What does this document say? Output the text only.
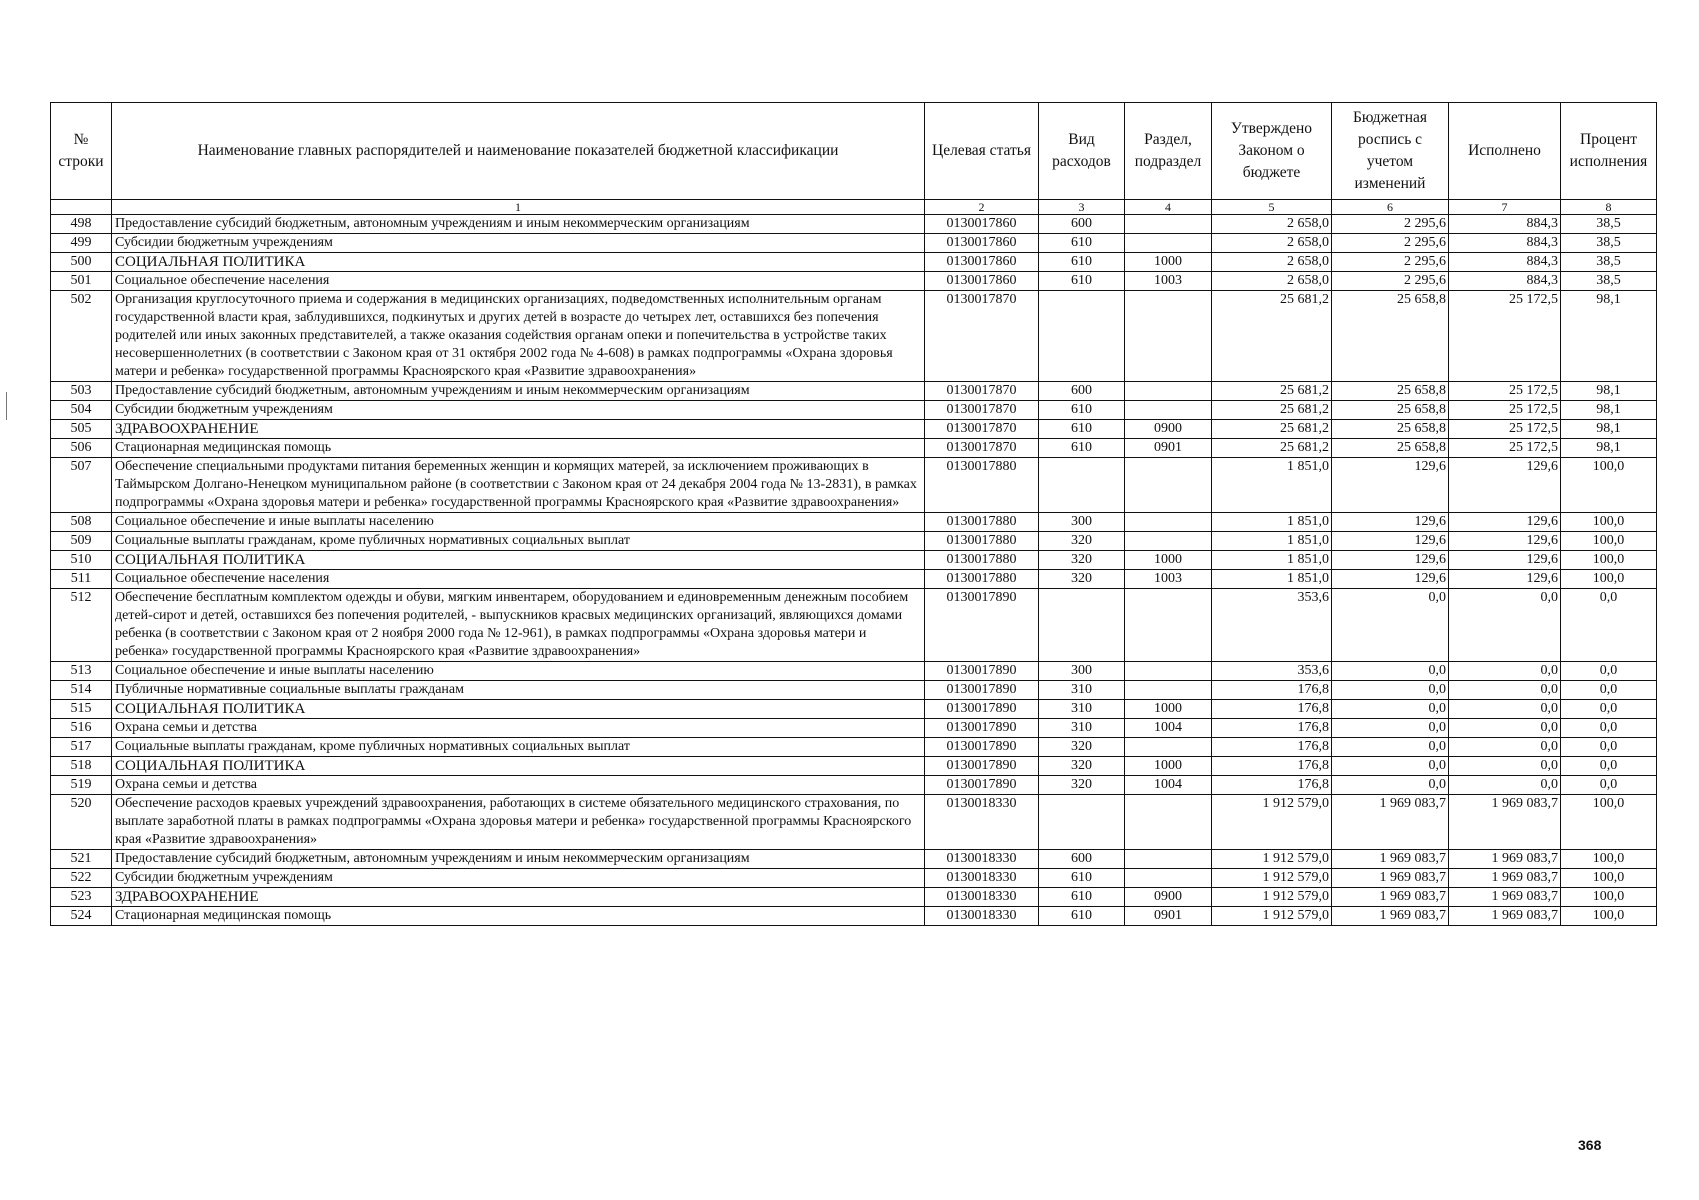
№ строки	Наименование главных распорядителей и наименование показателей бюджетной классификации	Целевая статья	Вид расходов	Раздел, подраздел	Утверждено Законом о бюджете	Бюджетная роспись с учетом изменений	Исполнено	Процент исполнения
	1	2	3	4	5	6	7	8
498	Предоставление субсидий бюджетным, автономным учреждениям и иным некоммерческим организациям	0130017860	600		2 658,0	2 295,6	884,3	38,5
499	Субсидии бюджетным учреждениям	0130017860	610		2 658,0	2 295,6	884,3	38,5
500	СОЦИАЛЬНАЯ ПОЛИТИКА	0130017860	610	1000	2 658,0	2 295,6	884,3	38,5
501	Социальное обеспечение населения	0130017860	610	1003	2 658,0	2 295,6	884,3	38,5
502	Организация круглосуточного приема и содержания в медицинских организациях, подведомственных исполнительным органам государственной власти края, заблудившихся, подкинутых и других детей в возрасте до четырех лет, оставшихся без попечения родителей или иных законных представителей, а также оказания содействия органам опеки и попечительства в устройстве таких несовершеннолетних (в соответствии с Законом края от 31 октября 2002 года № 4-608) в рамках подпрограммы «Охрана здоровья матери и ребенка» государственной программы Красноярского края «Развитие здравоохранения»	0130017870			25 681,2	25 658,8	25 172,5	98,1
503	Предоставление субсидий бюджетным, автономным учреждениям и иным некоммерческим организациям	0130017870	600		25 681,2	25 658,8	25 172,5	98,1
504	Субсидии бюджетным учреждениям	0130017870	610		25 681,2	25 658,8	25 172,5	98,1
505	ЗДРАВООХРАНЕНИЕ	0130017870	610	0900	25 681,2	25 658,8	25 172,5	98,1
506	Стационарная медицинская помощь	0130017870	610	0901	25 681,2	25 658,8	25 172,5	98,1
507	Обеспечение специальными продуктами питания беременных женщин и кормящих матерей, за исключением проживающих в Таймырском Долгано-Ненецком муниципальном районе (в соответствии с Законом края от 24 декабря 2004 года № 13-2831), в рамках подпрограммы «Охрана здоровья матери и ребенка» государственной программы Красноярского края «Развитие здравоохранения»	0130017880			1 851,0	129,6	129,6	100,0
508	Социальное обеспечение и иные выплаты населению	0130017880	300		1 851,0	129,6	129,6	100,0
509	Социальные выплаты гражданам, кроме публичных нормативных социальных выплат	0130017880	320		1 851,0	129,6	129,6	100,0
510	СОЦИАЛЬНАЯ ПОЛИТИКА	0130017880	320	1000	1 851,0	129,6	129,6	100,0
511	Социальное обеспечение населения	0130017880	320	1003	1 851,0	129,6	129,6	100,0
512	Обеспечение бесплатным комплектом одежды и обуви, мягким инвентарем, оборудованием и единовременным денежным пособием детей-сирот и детей, оставшихся без попечения родителей, - выпускников красвых медицинских организаций, являющихся домами ребенка (в соответствии с Законом края от 2 ноября 2000 года № 12-961), в рамках подпрограммы «Охрана здоровья матери и ребенка» государственной программы Красноярского края «Развитие здравоохранения»	0130017890			353,6	0,0	0,0	0,0
513	Социальное обеспечение и иные выплаты населению	0130017890	300		353,6	0,0	0,0	0,0
514	Публичные нормативные социальные выплаты гражданам	0130017890	310		176,8	0,0	0,0	0,0
515	СОЦИАЛЬНАЯ ПОЛИТИКА	0130017890	310	1000	176,8	0,0	0,0	0,0
516	Охрана семьи и детства	0130017890	310	1004	176,8	0,0	0,0	0,0
517	Социальные выплаты гражданам, кроме публичных нормативных социальных выплат	0130017890	320		176,8	0,0	0,0	0,0
518	СОЦИАЛЬНАЯ ПОЛИТИКА	0130017890	320	1000	176,8	0,0	0,0	0,0
519	Охрана семьи и детства	0130017890	320	1004	176,8	0,0	0,0	0,0
520	Обеспечение расходов краевых учреждений здравоохранения, работающих в системе обязательного медицинского страхования, по выплате заработной платы в рамках подпрограммы «Охрана здоровья матери и ребенка» государственной программы Красноярского края «Развитие здравоохранения»	0130018330			1 912 579,0	1 969 083,7	1 969 083,7	100,0
521	Предоставление субсидий бюджетным, автономным учреждениям и иным некоммерческим организациям	0130018330	600		1 912 579,0	1 969 083,7	1 969 083,7	100,0
522	Субсидии бюджетным учреждениям	0130018330	610		1 912 579,0	1 969 083,7	1 969 083,7	100,0
523	ЗДРАВООХРАНЕНИЕ	0130018330	610	0900	1 912 579,0	1 969 083,7	1 969 083,7	100,0
524	Стационарная медицинская помощь	0130018330	610	0901	1 912 579,0	1 969 083,7	1 969 083,7	100,0
368
